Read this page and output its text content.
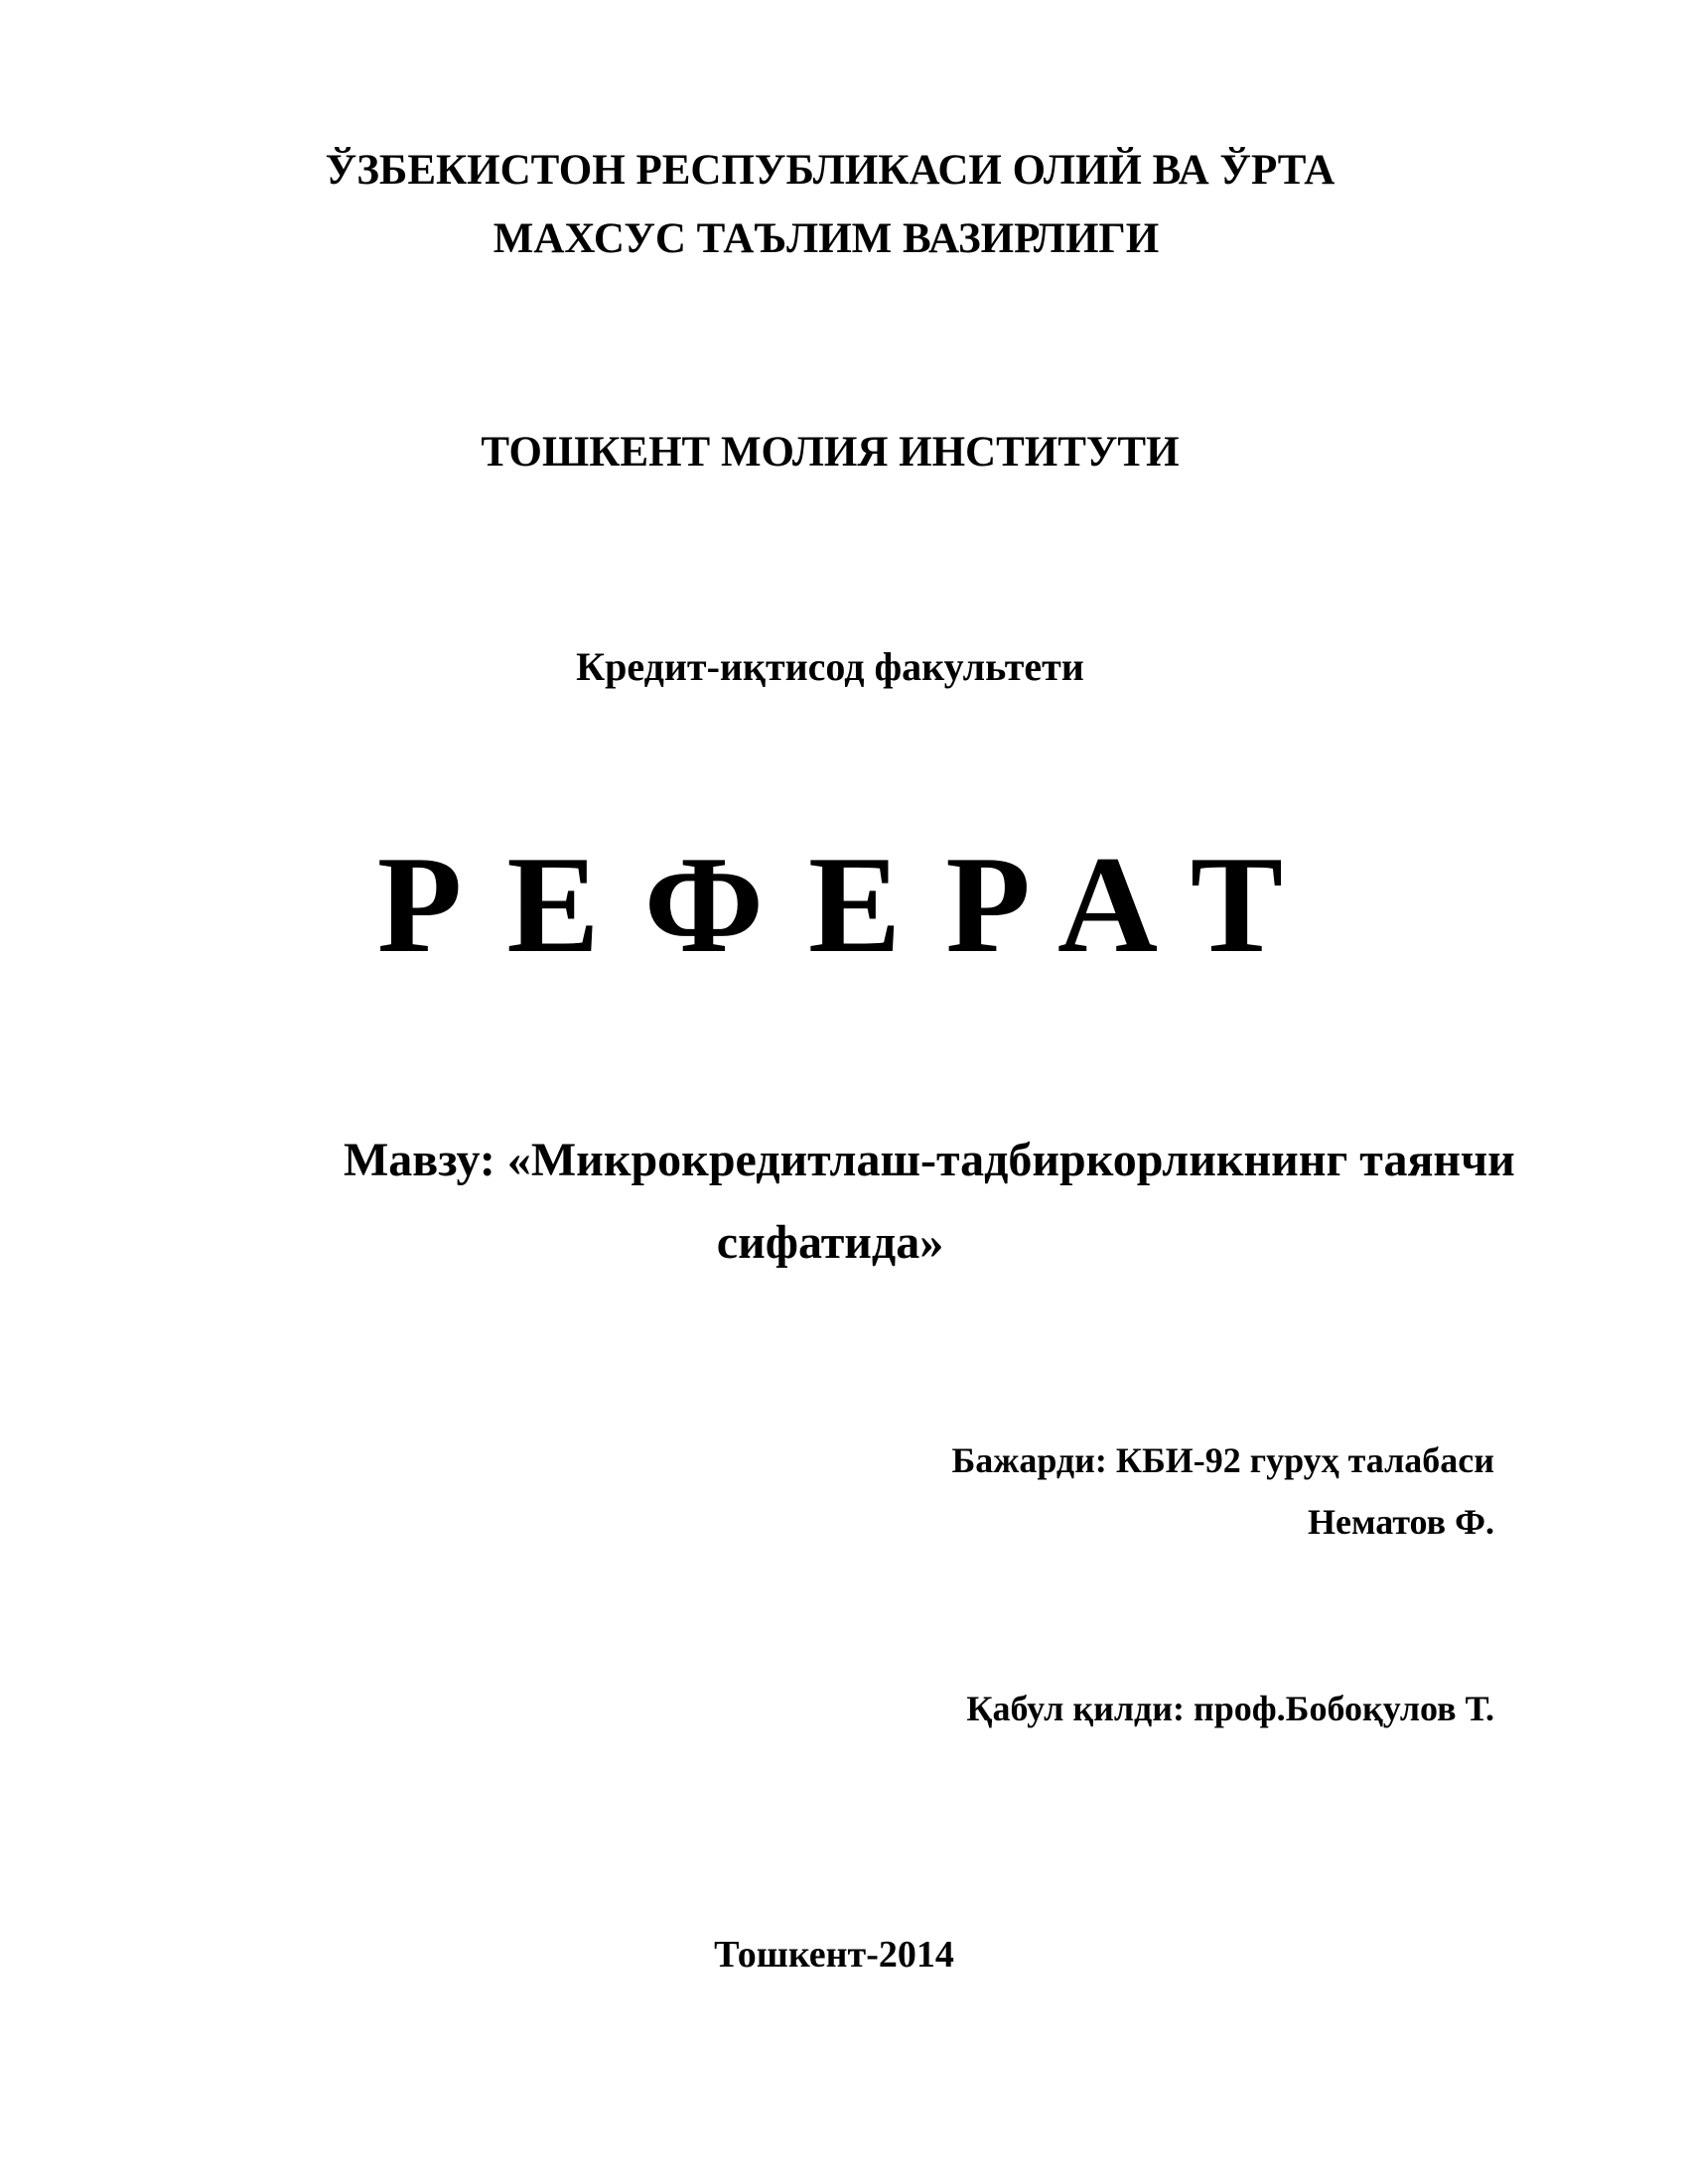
ЎЗБЕКИСТОН РЕСПУБЛИКАСИ ОЛИЙ ВА ЎРТА
МАХСУС ТАЪЛИМ ВАЗИРЛИГИ
ТОШКЕНТ МОЛИЯ ИНСТИТУТИ
Кредит-иқтисод факультети
РЕФЕРАТ
Мавзу: «Микрокредитлаш-тадбиркорликнинг таянчи
сифатида»
Бажарди: КБИ-92 гуруҳ талабаси
Нематов Ф.
Қабул қилди: проф.Бобоқулов Т.
Тошкент-2014
